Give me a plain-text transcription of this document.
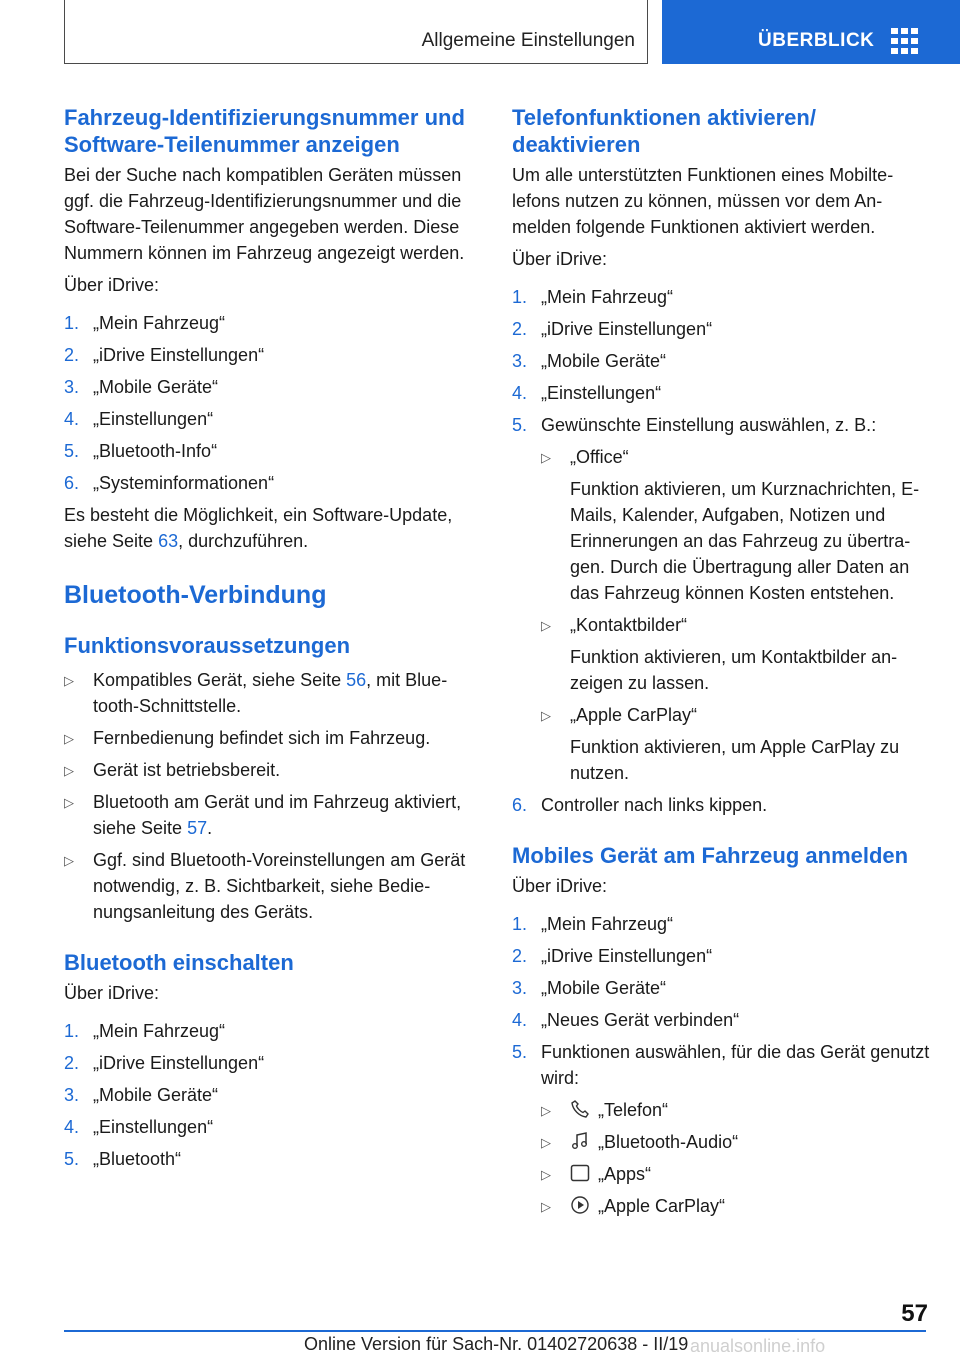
Allgemeine Einstellungen	ÜBERBLICK
Fahrzeug-Identifizierungsnummer und Software-Teilenummer anzeigen

Bei der Suche nach kompatiblen Geräten müssen ggf. die Fahrzeug-Identifizierungsnummer und die Software-Teilenummer angegeben werden. Diese Nummern können im Fahrzeug angezeigt werden.

Über iDrive:

1. „Mein Fahrzeug“
2. „iDrive Einstellungen“
3. „Mobile Geräte“
4. „Einstellungen“
5. „Bluetooth-Info“
6. „Systeminformationen“

Es besteht die Möglichkeit, ein Software-Update, siehe Seite 63, durchzuführen.

Bluetooth-Verbindung
Funktionsvoraussetzungen
▷ Kompatibles Gerät, siehe Seite 56, mit Bluetooth-Schnittstelle.
▷ Fernbedienung befindet sich im Fahrzeug.
▷ Gerät ist betriebsbereit.
▷ Bluetooth am Gerät und im Fahrzeug aktiviert, siehe Seite 57.
▷ Ggf. sind Bluetooth-Voreinstellungen am Gerät notwendig, z. B. Sichtbarkeit, siehe Bedienungsanleitung des Geräts.
Bluetooth einschalten

Über iDrive:

1. „Mein Fahrzeug“
2. „iDrive Einstellungen“
3. „Mobile Geräte“
4. „Einstellungen“
5. „Bluetooth“
Telefonfunktionen aktivieren/ deaktivieren

Um alle unterstützten Funktionen eines Mobiltelefons nutzen zu können, müssen vor dem Anmelden folgende Funktionen aktiviert werden.

Über iDrive:

1. „Mein Fahrzeug“
2. „iDrive Einstellungen“
3. „Mobile Geräte“
4. „Einstellungen“
5. Gewünschte Einstellung auswählen, z. B.:
▷ „Office“
Funktion aktivieren, um Kurznachrichten, E-Mails, Kalender, Aufgaben, Notizen und Erinnerungen an das Fahrzeug zu übertragen. Durch die Übertragung aller Daten an das Fahrzeug können Kosten entstehen.
▷ „Kontaktbilder“
Funktion aktivieren, um Kontaktbilder anzeigen zu lassen.
▷ „Apple CarPlay“
Funktion aktivieren, um Apple CarPlay zu nutzen.
6. Controller nach links kippen.
Mobiles Gerät am Fahrzeug anmelden

Über iDrive:

1. „Mein Fahrzeug“
2. „iDrive Einstellungen“
3. „Mobile Geräte“
4. „Neues Gerät verbinden“
5. Funktionen auswählen, für die das Gerät genutzt wird:
▷	„Telefon“
▷	„Bluetooth-Audio“
▷	„Apps“
▷	„Apple CarPlay“
57
Online Version für Sach-Nr. 01402720638 - II/19 anualsonline.info
